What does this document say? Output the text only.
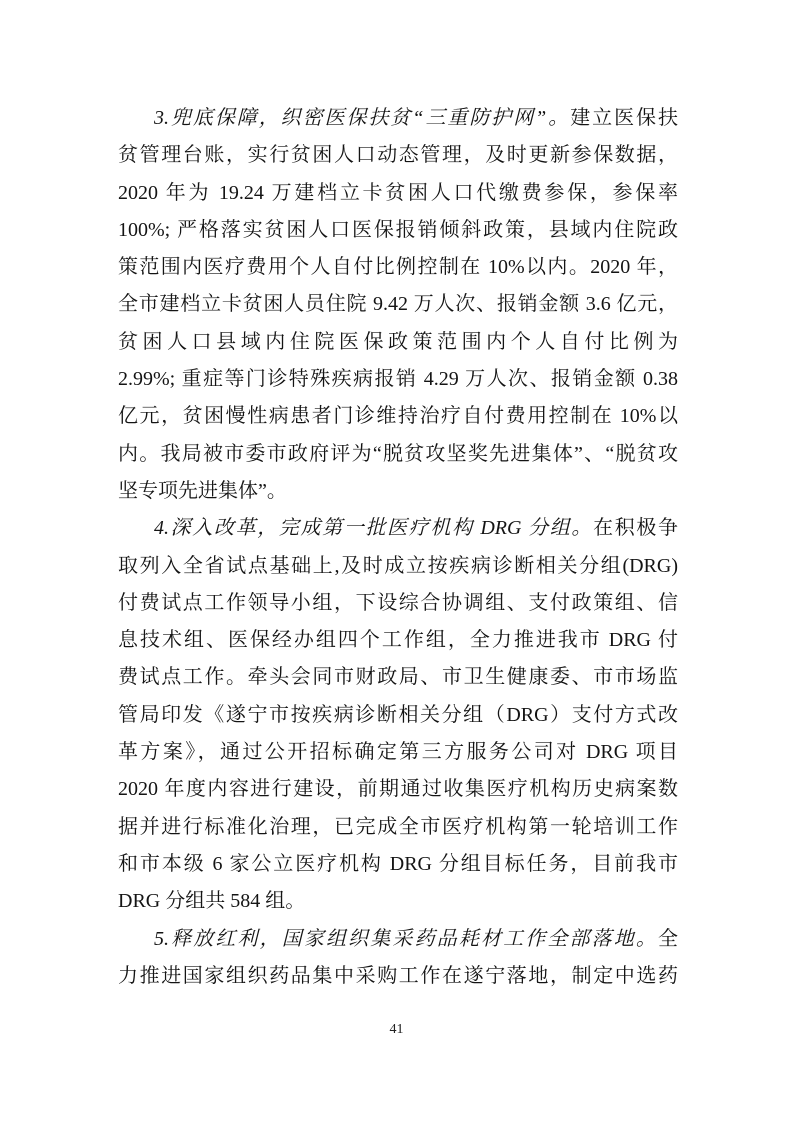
3.兜底保障，织密医保扶贫“三重防护网”。建立医保扶
贫管理台账，实行贫困人口动态管理，及时更新参保数据，
2020 年为 19.24 万建档立卡贫困人口代缴费参保，参保率
100%; 严格落实贫困人口医保报销倾斜政策，县域内住院政
策范围内医疗费用个人自付比例控制在 10%以内。2020 年，
全市建档立卡贫困人员住院 9.42 万人次、报销金额 3.6 亿元，
贫困人口县域内住院医保政策范围内个人自付比例为
2.99%; 重症等门诊特殊疾病报销 4.29 万人次、报销金额 0.38
亿元，贫困慢性病患者门诊维持治疗自付费用控制在 10%以
内。我局被市委市政府评为“脱贫攻坚奖先进集体”、“脱贫攻
坚专项先进集体”。
4.深入改革，完成第一批医疗机构 DRG 分组。在积极争
取列入全省试点基础上,及时成立按疾病诊断相关分组(DRG)
付费试点工作领导小组，下设综合协调组、支付政策组、信
息技术组、医保经办组四个工作组，全力推进我市 DRG 付
费试点工作。牵头会同市财政局、市卫生健康委、市市场监
管局印发《遂宁市按疾病诊断相关分组（DRG）支付方式改
革方案》，通过公开招标确定第三方服务公司对 DRG 项目
2020 年度内容进行建设，前期通过收集医疗机构历史病案数
据并进行标准化治理，已完成全市医疗机构第一轮培训工作
和市本级 6 家公立医疗机构 DRG 分组目标任务，目前我市
DRG 分组共 584 组。
5.释放红利，国家组织集采药品耗材工作全部落地。全
力推进国家组织药品集中采购工作在遂宁落地，制定中选药
41
